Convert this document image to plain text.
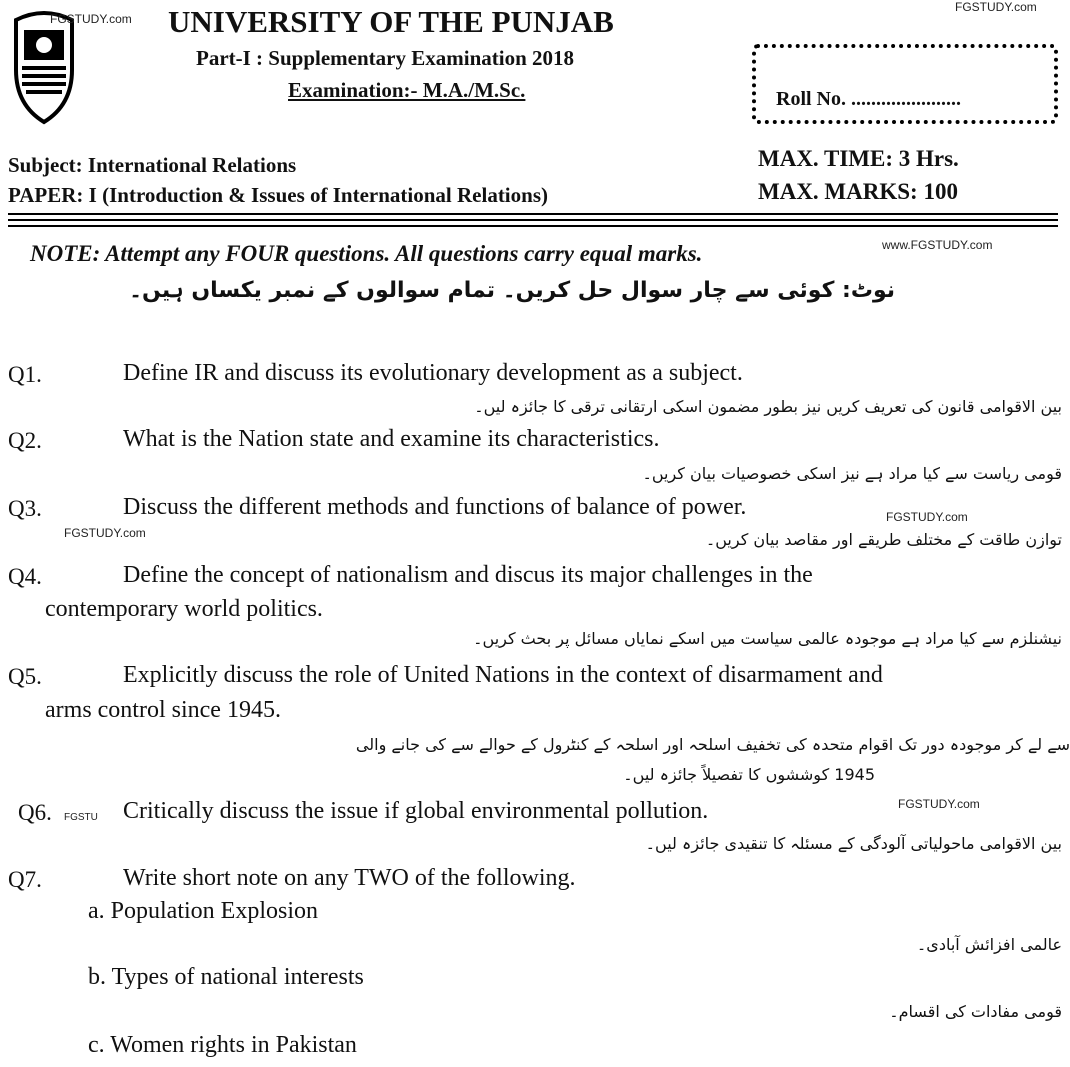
FGSTUDY.com
FGSTUDY.com
UNIVERSITY OF THE PUNJAB
Part-I : Supplementary Examination 2018
Examination:- M.A./M.Sc.	Roll No. ......................
Subject: International Relations
PAPER: I (Introduction & Issues of International Relations)
MAX. TIME: 3 Hrs.
MAX. MARKS: 100
NOTE: Attempt any FOUR questions. All questions carry equal marks.	www.FGSTUDY.com
نوٹ: کوئی سے چار سوال حل کریں۔ تمام سوالوں کے نمبر یکساں ہیں۔
Q1.	Define IR and discuss its evolutionary development as a subject.
بین الاقوامی قانون کی تعریف کریں نیز بطور مضمون اسکی ارتقانی ترقی کا جائزہ لیں۔
Q2.	What is the Nation state and examine its characteristics.
قومی ریاست سے کیا مراد ہے نیز اسکی خصوصیات بیان کریں۔
Q3.	Discuss the different methods and functions of balance of power.	FGSTUDY.com
FGSTUDY.com	توازن طاقت کے مختلف طریقے اور مقاصد بیان کریں۔
Q4.	Define the concept of nationalism and discus its major challenges in the
contemporary world politics.
نیشنلزم سے کیا مراد ہے موجودہ عالمی سیاست میں اسکے نمایاں مسائل پر بحث کریں۔
Q5.	Explicitly discuss the role of United Nations in the context of disarmament and
arms control since 1945.
سے لے کر موجودہ دور تک اقوام متحدہ کی تخفیف اسلحہ اور اسلحہ کے کنٹرول کے حوالے سے کی جانے والی
1945 کوششوں کا تفصیلاً جائزہ لیں۔
Q6. FGSTU Critically discuss the issue if global environmental pollution.	FGSTUDY.com
بین الاقوامی ماحولیاتی آلودگی کے مسئلہ کا تنقیدی جائزہ لیں۔
Q7.	Write short note on any TWO of the following.
a. Population Explosion
عالمی افزائش آبادی۔
b. Types of national interests
قومی مفادات کی اقسام۔
c. Women rights in Pakistan
